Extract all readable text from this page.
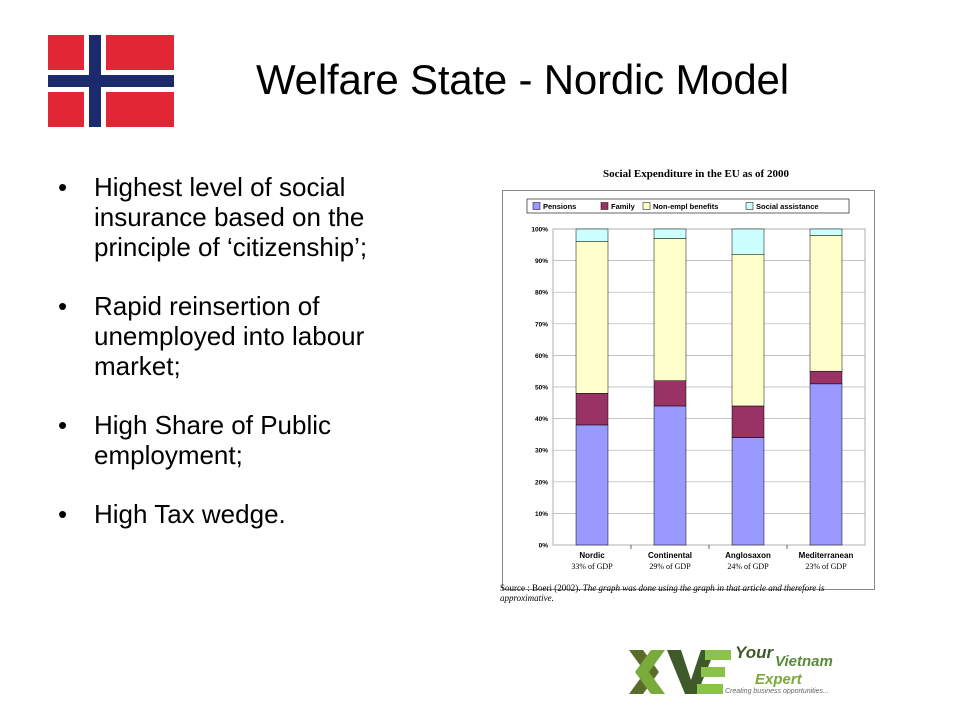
Welfare State - Nordic Model
• Highest level of social insurance based on the principle of ‘citizenship’;
• Rapid reinsertion of unemployed into labour market;
• High Share of Public employment;
• High Tax wedge.
Social Expenditure in the EU as of 2000
0%
10%
20%
30%
40%
50%
60%
70%
80%
90%
100%
Pensions	Family Non-empl benefits	Social assistance
Nordic
33% of GDP
Continental
29% of GDP
Anglosaxon
24% of GDP
Mediterranean
23% of GDP
Source : Boeri (2002). The graph was done using the graph in that article and therefore is approximative.
Your Vietnam
Expert
Creating business opportunities...
